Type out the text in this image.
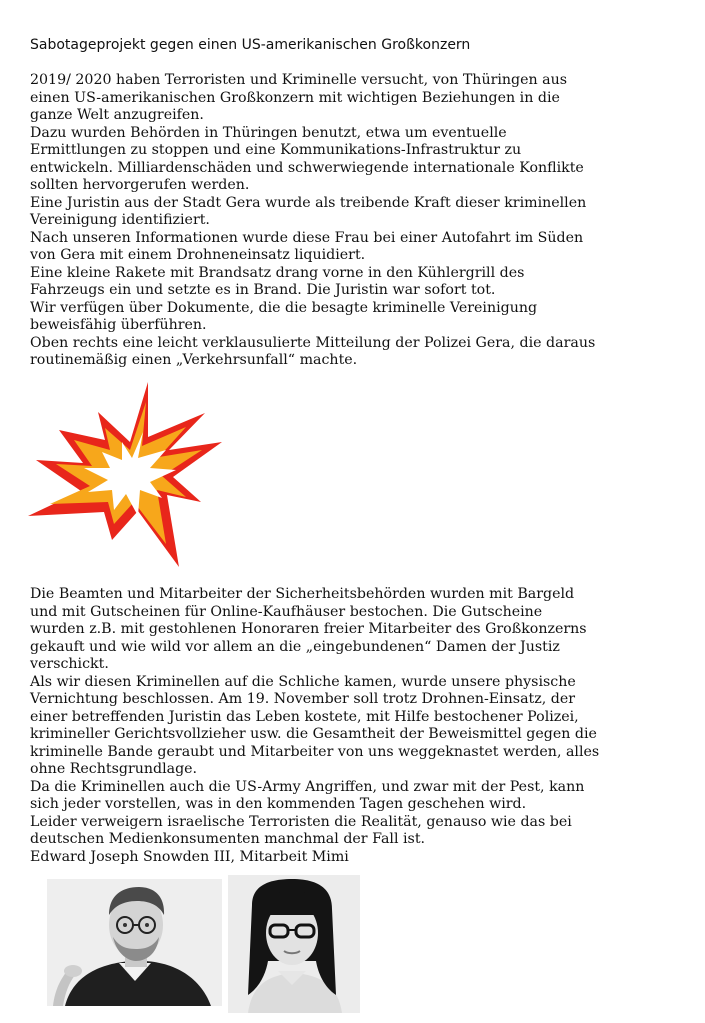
Sabotageprojekt gegen einen US-amerikanischen Großkonzern
2019/ 2020 haben Terroristen und Kriminelle versucht, von Thüringen aus
einen US-amerikanischen Großkonzern mit wichtigen Beziehungen in die
ganze Welt anzugreifen.
Dazu wurden Behörden in Thüringen benutzt, etwa um eventuelle
Ermittlungen zu stoppen und eine Kommunikations-Infrastruktur zu
entwickeln. Milliardenschäden und schwerwiegende internationale Konflikte
sollten hervorgerufen werden.
Eine Juristin aus der Stadt Gera wurde als treibende Kraft dieser kriminellen
Vereinigung identifiziert.
Nach unseren Informationen wurde diese Frau bei einer Autofahrt im Süden
von Gera mit einem Drohneneinsatz liquidiert.
Eine kleine Rakete mit Brandsatz drang vorne in den Kühlergrill des
Fahrzeugs ein und setzte es in Brand. Die Juristin war sofort tot.
Wir verfügen über Dokumente, die die besagte kriminelle Vereinigung
beweisfähig überführen.
Oben rechts eine leicht verklausulierte Mitteilung der Polizei Gera, die daraus
routinemäßig einen „Verkehrsunfall“ machte.
Die Beamten und Mitarbeiter der Sicherheitsbehörden wurden mit Bargeld
und mit Gutscheinen für Online-Kaufhäuser bestochen. Die Gutscheine
wurden z.B. mit gestohlenen Honoraren freier Mitarbeiter des Großkonzerns
gekauft und wie wild vor allem an die „eingebundenen“ Damen der Justiz
verschickt.
Als wir diesen Kriminellen auf die Schliche kamen, wurde unsere physische
Vernichtung beschlossen. Am 19. November soll trotz Drohnen-Einsatz, der
einer betreffenden Juristin das Leben kostete, mit Hilfe bestochener Polizei,
krimineller Gerichtsvollzieher usw. die Gesamtheit der Beweismittel gegen die
kriminelle Bande geraubt und Mitarbeiter von uns weggeknastet werden, alles
ohne Rechtsgrundlage.
Da die Kriminellen auch die US-Army Angriffen, und zwar mit der Pest, kann
sich jeder vorstellen, was in den kommenden Tagen geschehen wird.
Leider verweigern israelische Terroristen die Realität, genauso wie das bei
deutschen Medienkonsumenten manchmal der Fall ist.
Edward Joseph Snowden III, Mitarbeit Mimi
